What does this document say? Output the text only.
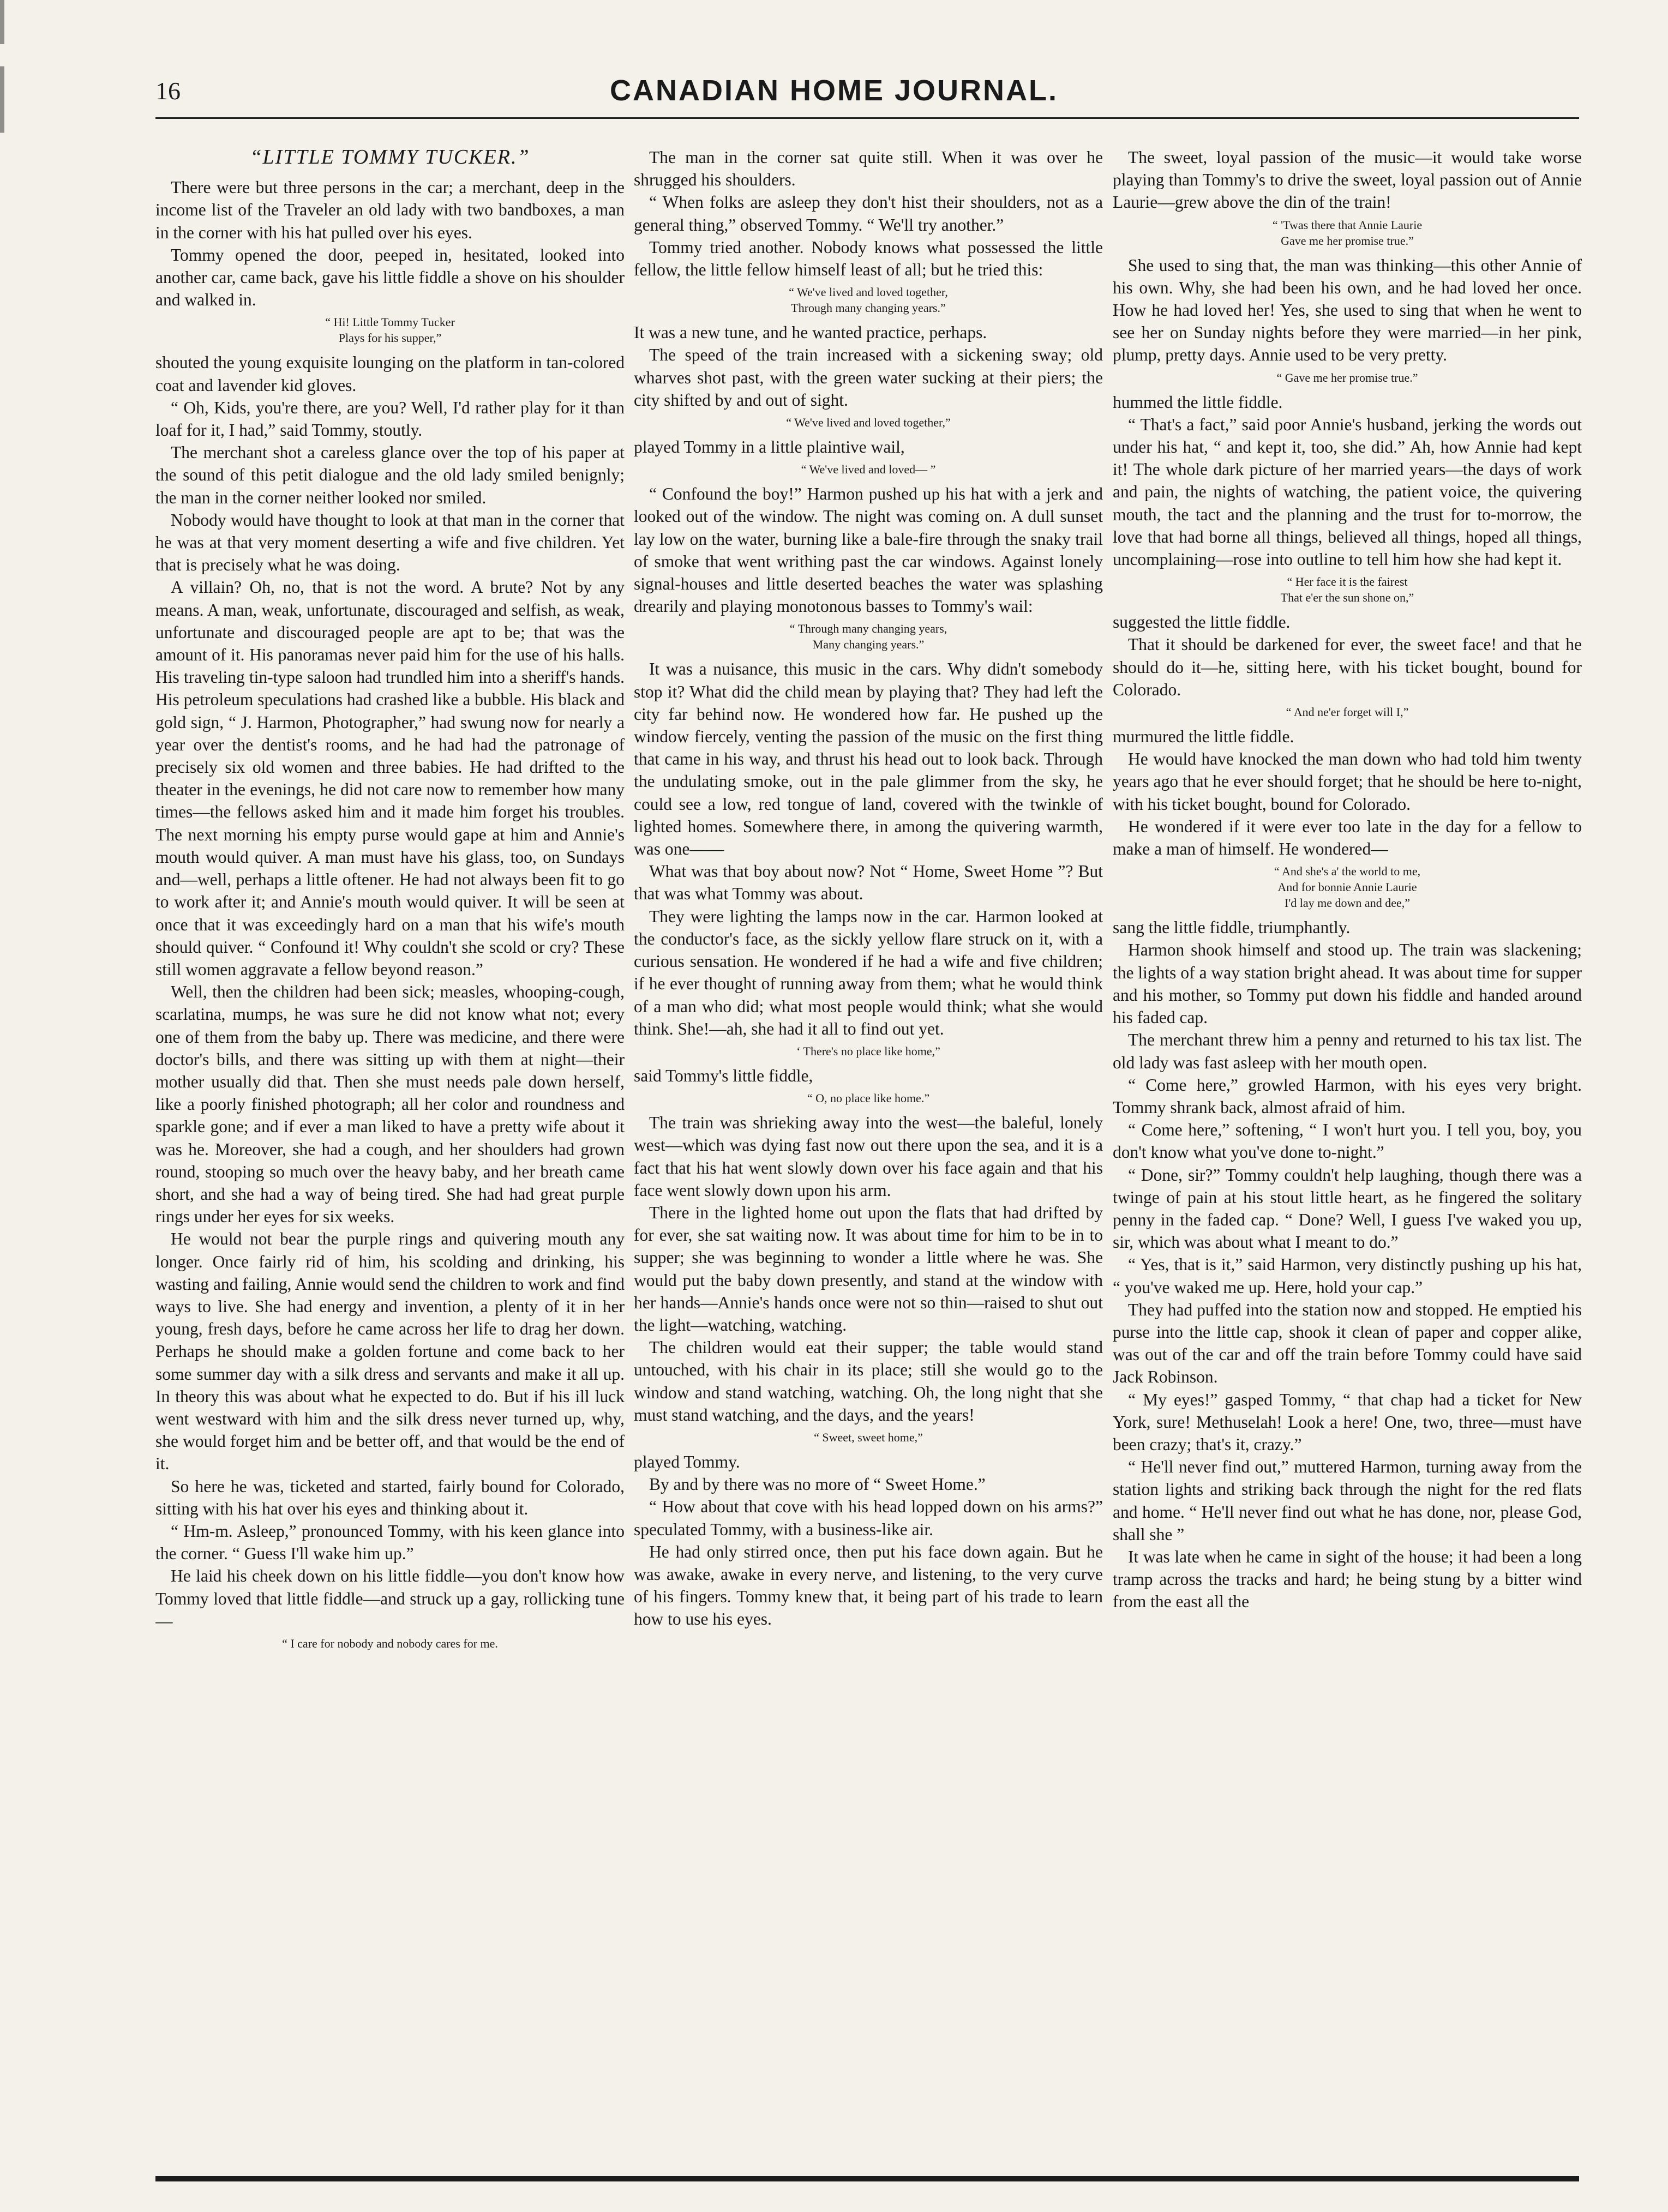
16	CANADIAN HOME JOURNAL.
“LITTLE TOMMY TUCKER.”

There were but three persons in the car; a merchant, deep in the income list of the Traveler an old lady with two bandboxes, a man in the corner with his hat pulled over his eyes.

Tommy opened the door, peeped in, hesitated, looked into another car, came back, gave his little fiddle a shove on his shoulder and walked in.

“ Hi! Little Tommy Tucker
Plays for his supper,”

shouted the young exquisite lounging on the platform in tan-colored coat and lavender kid gloves.

“ Oh, Kids, you're there, are you? Well, I'd rather play for it than loaf for it, I had,” said Tommy, stoutly.

The merchant shot a careless glance over the top of his paper at the sound of this petit dialogue and the old lady smiled benignly; the man in the corner neither looked nor smiled.

Nobody would have thought to look at that man in the corner that he was at that very moment deserting a wife and five children. Yet that is precisely what he was doing.

A villain? Oh, no, that is not the word. A brute? Not by any means. A man, weak, unfortunate, discouraged and selfish, as weak, unfortunate and discouraged people are apt to be; that was the amount of it. His panoramas never paid him for the use of his halls. His traveling tin-type saloon had trundled him into a sheriff's hands. His petroleum speculations had crashed like a bubble. His black and gold sign, “ J. Harmon, Photographer,” had swung now for nearly a year over the dentist's rooms, and he had had the patronage of precisely six old women and three babies. He had drifted to the theater in the evenings, he did not care now to remember how many times—the fellows asked him and it made him forget his troubles. The next morning his empty purse would gape at him and Annie's mouth would quiver. A man must have his glass, too, on Sundays and—well, perhaps a little oftener. He had not always been fit to go to work after it; and Annie's mouth would quiver. It will be seen at once that it was exceedingly hard on a man that his wife's mouth should quiver. “ Confound it! Why couldn't she scold or cry? These still women aggravate a fellow beyond reason.”

Well, then the children had been sick; measles, whooping-cough, scarlatina, mumps, he was sure he did not know what not; every one of them from the baby up. There was medicine, and there were doctor's bills, and there was sitting up with them at night—their mother usually did that. Then she must needs pale down herself, like a poorly finished photograph; all her color and roundness and sparkle gone; and if ever a man liked to have a pretty wife about it was he. Moreover, she had a cough, and her shoulders had grown round, stooping so much over the heavy baby, and her breath came short, and she had a way of being tired. She had had great purple rings under her eyes for six weeks.

He would not bear the purple rings and quivering mouth any longer. Once fairly rid of him, his scolding and drinking, his wasting and failing, Annie would send the children to work and find ways to live. She had energy and invention, a plenty of it in her young, fresh days, before he came across her life to drag her down. Perhaps he should make a golden fortune and come back to her some summer day with a silk dress and servants and make it all up. In theory this was about what he expected to do. But if his ill luck went westward with him and the silk dress never turned up, why, she would forget him and be better off, and that would be the end of it.

So here he was, ticketed and started, fairly bound for Colorado, sitting with his hat over his eyes and thinking about it.

“ Hm-m. Asleep,” pronounced Tommy, with his keen glance into the corner. “ Guess I'll wake him up.”

He laid his cheek down on his little fiddle—you don't know how Tommy loved that little fiddle—and struck up a gay, rollicking tune—

“ I care for nobody and nobody cares for me.

The man in the corner sat quite still. When it was over he shrugged his shoulders.

“ When folks are asleep they don't hist their shoulders, not as a general thing,” observed Tommy. “ We'll try another.”

Tommy tried another. Nobody knows what possessed the little fellow, the little fellow himself least of all; but he tried this:

“ We've lived and loved together,
Through many changing years.”

It was a new tune, and he wanted practice, perhaps.

The speed of the train increased with a sickening sway; old wharves shot past, with the green water sucking at their piers; the city shifted by and out of sight.

“ We've lived and loved together,”

played Tommy in a little plaintive wail,

“ We've lived and loved— ”

“ Confound the boy!” Harmon pushed up his hat with a jerk and looked out of the window. The night was coming on. A dull sunset lay low on the water, burning like a bale-fire through the snaky trail of smoke that went writhing past the car windows. Against lonely signal-houses and little deserted beaches the water was splashing drearily and playing monotonous basses to Tommy's wail:

“ Through many changing years,
Many changing years.”

It was a nuisance, this music in the cars. Why didn't somebody stop it? What did the child mean by playing that? They had left the city far behind now. He wondered how far. He pushed up the window fiercely, venting the passion of the music on the first thing that came in his way, and thrust his head out to look back. Through the undulating smoke, out in the pale glimmer from the sky, he could see a low, red tongue of land, covered with the twinkle of lighted homes. Somewhere there, in among the quivering warmth, was one——

What was that boy about now? Not “ Home, Sweet Home ”? But that was what Tommy was about.

They were lighting the lamps now in the car. Harmon looked at the conductor's face, as the sickly yellow flare struck on it, with a curious sensation. He wondered if he had a wife and five children; if he ever thought of running away from them; what he would think of a man who did; what most people would think; what she would think. She!—ah, she had it all to find out yet.

‘ There's no place like home,”

said Tommy's little fiddle,

“ O, no place like home.”

The train was shrieking away into the west—the baleful, lonely west—which was dying fast now out there upon the sea, and it is a fact that his hat went slowly down over his face again and that his face went slowly down upon his arm.

There in the lighted home out upon the flats that had drifted by for ever, she sat waiting now. It was about time for him to be in to supper; she was beginning to wonder a little where he was. She would put the baby down presently, and stand at the window with her hands—Annie's hands once were not so thin—raised to shut out the light—watching, watching.

The children would eat their supper; the table would stand untouched, with his chair in its place; still she would go to the window and stand watching, watching. Oh, the long night that she must stand watching, and the days, and the years!

“ Sweet, sweet home,”

played Tommy.

By and by there was no more of “ Sweet Home.”

“ How about that cove with his head lopped down on his arms?” speculated Tommy, with a business-like air.

He had only stirred once, then put his face down again. But he was awake, awake in every nerve, and listening, to the very curve of his fingers. Tommy knew that, it being part of his trade to learn how to use his eyes.

The sweet, loyal passion of the music—it would take worse playing than Tommy's to drive the sweet, loyal passion out of Annie Laurie—grew above the din of the train!

“ 'Twas there that Annie Laurie
Gave me her promise true.”

She used to sing that, the man was thinking—this other Annie of his own. Why, she had been his own, and he had loved her once. How he had loved her! Yes, she used to sing that when he went to see her on Sunday nights before they were married—in her pink, plump, pretty days. Annie used to be very pretty.

“ Gave me her promise true.”

hummed the little fiddle.

“ That's a fact,” said poor Annie's husband, jerking the words out under his hat, “ and kept it, too, she did.” Ah, how Annie had kept it! The whole dark picture of her married years—the days of work and pain, the nights of watching, the patient voice, the quivering mouth, the tact and the planning and the trust for to-morrow, the love that had borne all things, believed all things, hoped all things, uncomplaining—rose into outline to tell him how she had kept it.

“ Her face it is the fairest
That e'er the sun shone on,”

suggested the little fiddle.

That it should be darkened for ever, the sweet face! and that he should do it—he, sitting here, with his ticket bought, bound for Colorado.

“ And ne'er forget will I,”

murmured the little fiddle.

He would have knocked the man down who had told him twenty years ago that he ever should forget; that he should be here to-night, with his ticket bought, bound for Colorado.

He wondered if it were ever too late in the day for a fellow to make a man of himself. He wondered—

“ And she's a' the world to me,
And for bonnie Annie Laurie
I'd lay me down and dee,”

sang the little fiddle, triumphantly.

Harmon shook himself and stood up. The train was slackening; the lights of a way station bright ahead. It was about time for supper and his mother, so Tommy put down his fiddle and handed around his faded cap.

The merchant threw him a penny and returned to his tax list. The old lady was fast asleep with her mouth open.

“ Come here,” growled Harmon, with his eyes very bright. Tommy shrank back, almost afraid of him.

“ Come here,” softening, “ I won't hurt you. I tell you, boy, you don't know what you've done to-night.”

“ Done, sir?” Tommy couldn't help laughing, though there was a twinge of pain at his stout little heart, as he fingered the solitary penny in the faded cap. “ Done? Well, I guess I've waked you up, sir, which was about what I meant to do.”

“ Yes, that is it,” said Harmon, very distinctly pushing up his hat, “ you've waked me up. Here, hold your cap.”

They had puffed into the station now and stopped. He emptied his purse into the little cap, shook it clean of paper and copper alike, was out of the car and off the train before Tommy could have said Jack Robinson.

“ My eyes!” gasped Tommy, “ that chap had a ticket for New York, sure! Methuselah! Look a here! One, two, three—must have been crazy; that's it, crazy.”

“ He'll never find out,” muttered Harmon, turning away from the station lights and striking back through the night for the red flats and home. “ He'll never find out what he has done, nor, please God, shall she ”

It was late when he came in sight of the house; it had been a long tramp across the tracks and hard; he being stung by a bitter wind from the east all the
